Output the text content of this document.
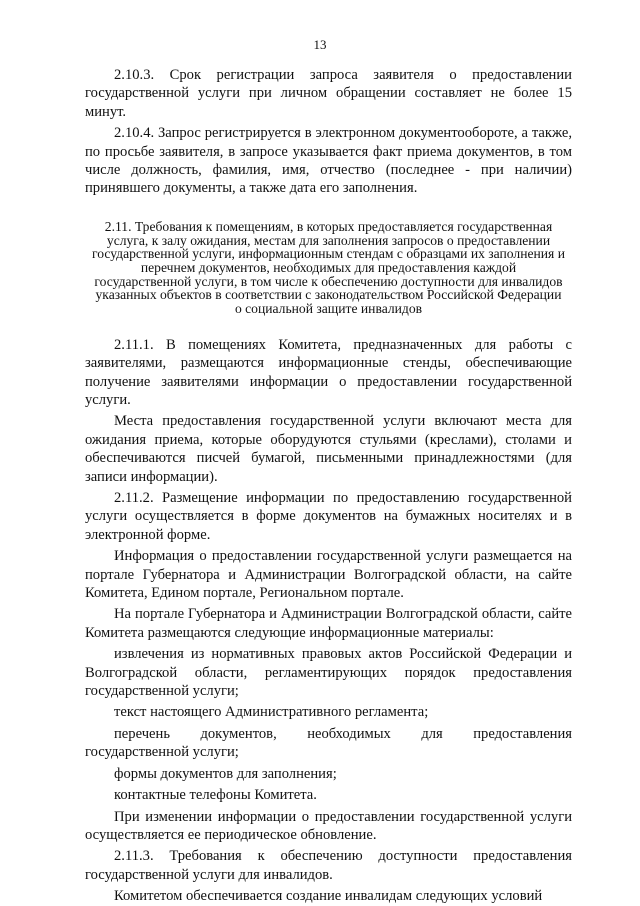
13

2.10.3. Срок регистрации запроса заявителя о предоставлении государственной услуги при личном обращении составляет не более 15 минут.

2.10.4. Запрос регистрируется в электронном документообороте, а также, по просьбе заявителя, в запросе указывается факт приема документов, в том числе должность, фамилия, имя, отчество (последнее - при наличии) принявшего документы, а также дата его заполнения.

2.11. Требования к помещениям, в которых предоставляется государственная услуга, к залу ожидания, местам для заполнения запросов о предоставлении государственной услуги, информационным стендам с образцами их заполнения и перечнем документов, необходимых для предоставления каждой государственной услуги, в том числе к обеспечению доступности для инвалидов указанных объектов в соответствии с законодательством Российской Федерации о социальной защите инвалидов

2.11.1. В помещениях Комитета, предназначенных для работы с заявителями, размещаются информационные стенды, обеспечивающие получение заявителями информации о предоставлении государственной услуги.

Места предоставления государственной услуги включают места для ожидания приема, которые оборудуются стульями (креслами), столами и обеспечиваются писчей бумагой, письменными принадлежностями (для записи информации).

2.11.2. Размещение информации по предоставлению государственной услуги осуществляется в форме документов на бумажных носителях и в электронной форме.

Информация о предоставлении государственной услуги размещается на портале Губернатора и Администрации Волгоградской области, на сайте Комитета, Едином портале, Региональном портале.

На портале Губернатора и Администрации Волгоградской области, сайте Комитета размещаются следующие информационные материалы:

извлечения из нормативных правовых актов Российской Федерации и Волгоградской области, регламентирующих порядок предоставления государственной услуги;

текст настоящего Административного регламента;

перечень документов, необходимых для предоставления государственной услуги;

формы документов для заполнения;

контактные телефоны Комитета.

При изменении информации о предоставлении государственной услуги осуществляется ее периодическое обновление.

2.11.3. Требования к обеспечению доступности предоставления государственной услуги для инвалидов.

Комитетом обеспечивается создание инвалидам следующих условий
